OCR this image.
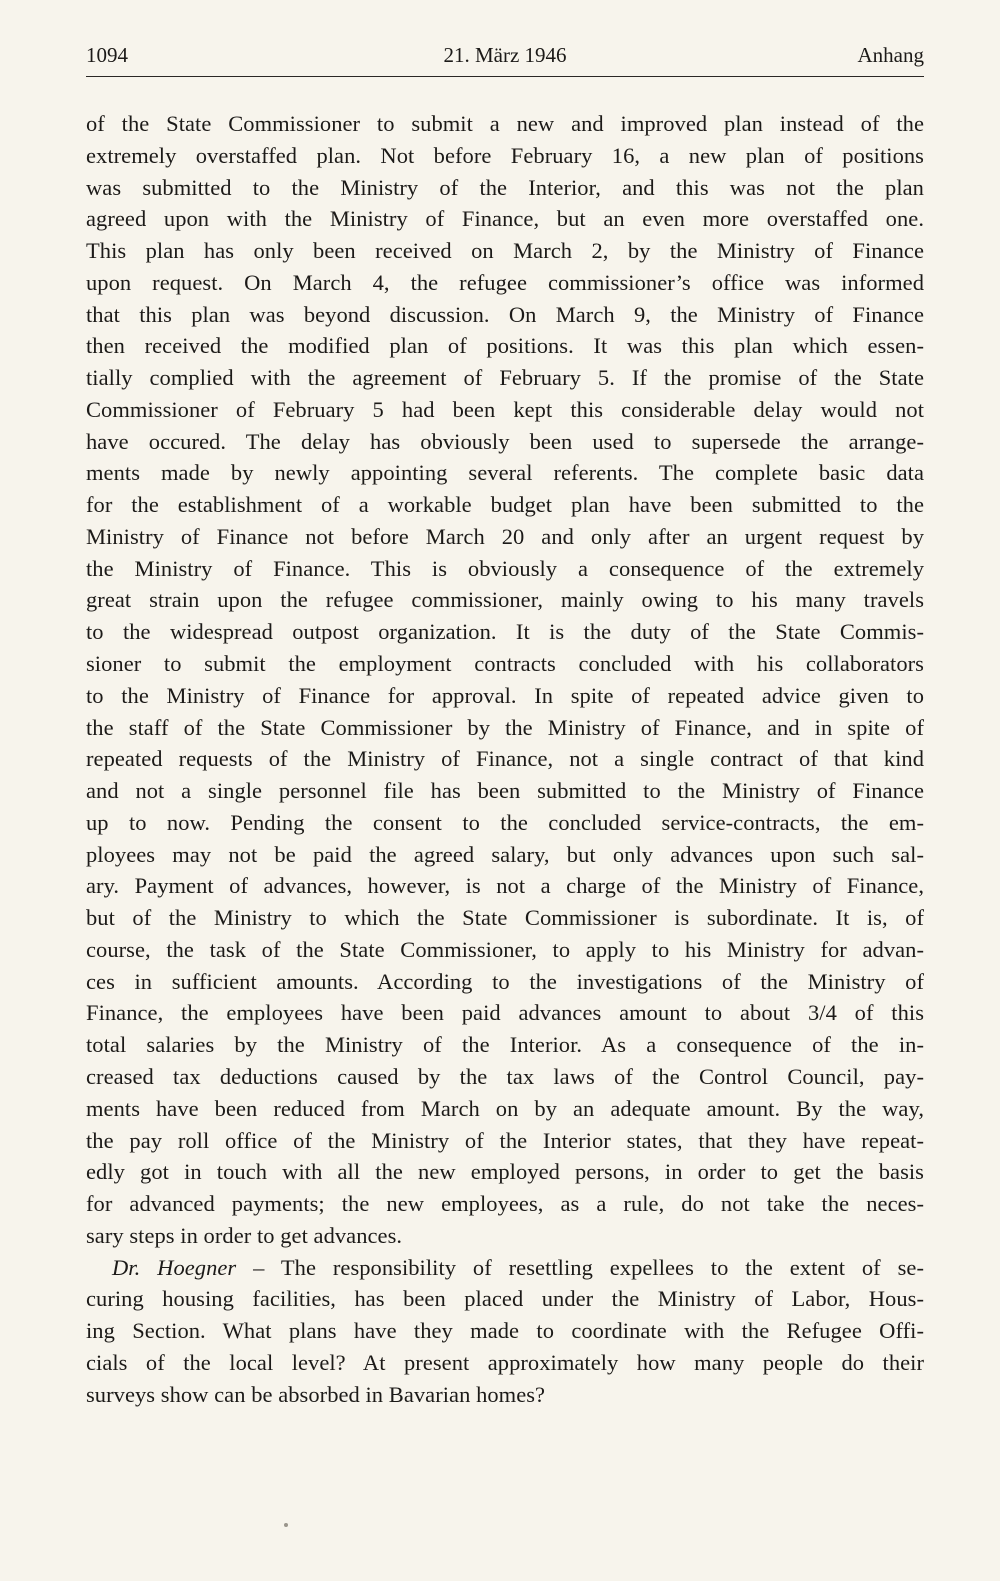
1094	21. März 1946	Anhang
of the State Commissioner to submit a new and improved plan instead of the
extremely overstaffed plan. Not before February 16, a new plan of positions
was submitted to the Ministry of the Interior, and this was not the plan
agreed upon with the Ministry of Finance, but an even more overstaffed one.
This plan has only been received on March 2, by the Ministry of Finance
upon request. On March 4, the refugee commissioner’s office was informed
that this plan was beyond discussion. On March 9, the Ministry of Finance
then received the modified plan of positions. It was this plan which essen-
tially complied with the agreement of February 5. If the promise of the State
Commissioner of February 5 had been kept this considerable delay would not
have occured. The delay has obviously been used to supersede the arrange-
ments made by newly appointing several referents. The complete basic data
for the establishment of a workable budget plan have been submitted to the
Ministry of Finance not before March 20 and only after an urgent request by
the Ministry of Finance. This is obviously a consequence of the extremely
great strain upon the refugee commissioner, mainly owing to his many travels
to the widespread outpost organization. It is the duty of the State Commis-
sioner to submit the employment contracts concluded with his collaborators
to the Ministry of Finance for approval. In spite of repeated advice given to
the staff of the State Commissioner by the Ministry of Finance, and in spite of
repeated requests of the Ministry of Finance, not a single contract of that kind
and not a single personnel file has been submitted to the Ministry of Finance
up to now. Pending the consent to the concluded service-contracts, the em-
ployees may not be paid the agreed salary, but only advances upon such sal-
ary. Payment of advances, however, is not a charge of the Ministry of Finance,
but of the Ministry to which the State Commissioner is subordinate. It is, of
course, the task of the State Commissioner, to apply to his Ministry for advan-
ces in sufficient amounts. According to the investigations of the Ministry of
Finance, the employees have been paid advances amount to about 3/4 of this
total salaries by the Ministry of the Interior. As a consequence of the in-
creased tax deductions caused by the tax laws of the Control Council, pay-
ments have been reduced from March on by an adequate amount. By the way,
the pay roll office of the Ministry of the Interior states, that they have repeat-
edly got in touch with all the new employed persons, in order to get the basis
for advanced payments; the new employees, as a rule, do not take the neces-
sary steps in order to get advances.
Dr. Hoegner – The responsibility of resettling expellees to the extent of se-
curing housing facilities, has been placed under the Ministry of Labor, Hous-
ing Section. What plans have they made to coordinate with the Refugee Offi-
cials of the local level? At present approximately how many people do their
surveys show can be absorbed in Bavarian homes?
